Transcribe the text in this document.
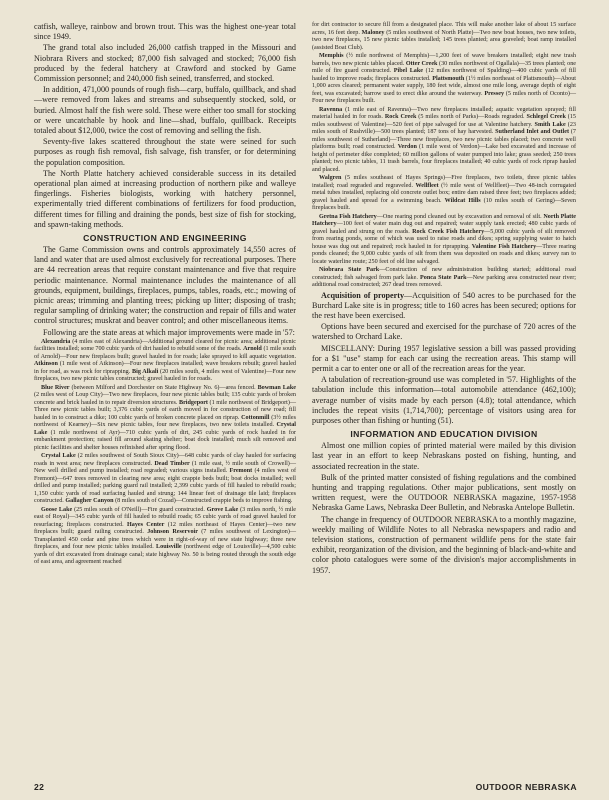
catfish, walleye, rainbow and brown trout. This was the highest one-year total since 1949.

The grand total also included 26,000 catfish trapped in the Missouri and Niobrara Rivers and stocked; 87,000 fish salvaged and stocked; 76,000 fish produced by the federal hatchery at Crawford and stocked by Game Commission personnel; and 240,000 fish seined, transferred, and stocked.

In addition, 471,000 pounds of rough fish—carp, buffalo, quillback, and shad—were removed from lakes and streams and subsequently stocked, sold, or buried. Almost half the fish were sold. These were either too small for stocking or were uncatchable by hook and line—shad, buffalo, quillback. Receipts totaled about $12,000, twice the cost of removing and selling the fish.

Seventy-five lakes scattered throughout the state were seined for such purposes as rough fish removal, fish salvage, fish transfer, or for determining the population composition.

The North Platte hatchery achieved considerable success in its detailed operational plan aimed at increasing production of northern pike and walleye fingerlings. Fisheries biologists, working with hatchery personnel, experimentally tried different combinations of fertilizers for food production, different times for filling and draining the ponds, best size of fish for stocking, and spawn-taking methods.

CONSTRUCTION AND ENGINEERING

The Game Commission owns and controls approximately 14,550 acres of land and water that are used almost exclusively for recreational purposes. There are 44 recreation areas that require constant maintenance and five that require periodic maintenance. Normal maintenance includes the maintenance of all grounds, equipment, buildings, fireplaces, pumps, tables, roads, etc.; mowing of picnic areas; trimming and planting trees; picking up litter; disposing of trash; regular sampling of drinking water; the construction and repair of fills and water control structures; muskrat and beaver control; and other miscellaneous items.

Following are the state areas at which major improvements were made in '57:

Alexandria (4 miles east of Alexandria)—Additional ground cleared for picnic area; additional picnic facilities installed; some 700 cubic yards of dirt hauled to rebuild some of the roads. Arnold (1 mile south of Arnold)—Four new fireplaces built; gravel hauled in for roads; lake sprayed to kill aquatic vegetation. Atkinson (1 mile west of Atkinson)—Four new fireplaces installed; wave breakers rebuilt; gravel hauled in for road, as was rock for riprapping. Big Alkali (20 miles south, 4 miles west of Valentine)—Four new fireplaces, two new picnic tables constructed; gravel hauled in for roads.

Blue River (between Milford and Dorchester on State Highway No. 6)—area fenced. Bowman Lake (2 miles west of Loup City)—Two new fireplaces, four new picnic tables built; 135 cubic yards of broken concrete and brick hauled in to repair diversion structures. Bridgeport (1 mile northwest of Bridgeport)—Three new picnic tables built; 3,376 cubic yards of earth moved in for construction of new road; fill hauled in to construct a dike; 100 cubic yards of broken concrete placed on riprap. Cottonmill (3½ miles northwest of Kearney)—Six new picnic tables, four new fireplaces, two new toilets installed. Crystal Lake (1 mile northwest of Ayr)—710 cubic yards of dirt, 245 cubic yards of rock hauled in for embankment protection; raised fill around skating shelter; boat dock installed; much silt removed and picnic facilities and shelter houses refinished after spring flood.

Crystal Lake (2 miles southwest of South Sioux City)—648 cubic yards of clay hauled for surfacing roads in west area; new fireplaces constructed. Dead Timber (1 mile east, ½ mile south of Crowell)—New well drilled and pump installed; road regraded; various signs installed. Fremont (4 miles west of Fremont)—647 trees removed in clearing new area; eight crappie beds built; boat docks installed; well drilled and pump installed; parking guard rail installed; 2,399 cubic yards of fill hauled to rebuild roads; 1,150 cubic yards of road surfacing hauled and strung; 144 linear feet of drainage tile laid; fireplaces constructed. Gallagher Canyon (8 miles south of Cozad)—Constructed crappie beds to improve fishing.

Goose Lake (25 miles south of O'Neill)—Fire guard constructed. Grove Lake (3 miles north, ½ mile east of Royal)—345 cubic yards of fill hauled to rebuild roads; 65 cubic yards of road gravel hauled for resurfacing; fireplaces constructed. Hayes Center (12 miles northeast of Hayes Center)—two new fireplaces built; guard railing constructed. Johnson Reservoir (7 miles southwest of Lexington)—Transplanted 450 cedar and pine trees which were in right-of-way of new state highway; three new fireplaces, and four new picnic tables installed. Louisville (northwest edge of Louisville)—4,500 cubic yards of dirt excavated from drainage canal; state highway No. 50 is being routed through the south edge of east area, and agreement reached

for dirt contractor to secure fill from a designated place. This will make another lake of about 15 surface acres, 16 feet deep. Maloney (5 miles southwest of North Platte)—Two new boat houses, two new toilets, two new fireplaces, 15 new picnic tables installed; 145 trees planted; area graveled; boat ramp installed (assisted Boat Club).

Memphis (½ mile northwest of Memphis)—1,200 feet of wave breakers installed; eight new trash barrels, two new picnic tables placed. Otter Creek (30 miles northwest of Ogallala)—35 trees planted; one mile of fire guard constructed. Pibel Lake (12 miles northwest of Spalding)—400 cubic yards of fill hauled to improve roads; fireplaces constructed. Plattsmouth (1½ miles northeast of Plattsmouth)—About 1,000 acres cleared; permanent water supply, 180 feet wide, almost one mile long, average depth of eight feet, was excavated; barrow used to erect dike around the waterway. Pressey (5 miles north of Oconto)—Four new fireplaces built.

Ravenna (1 mile east of Ravenna)—Two new fireplaces installed; aquatic vegetation sprayed; fill material hauled in for roads. Rock Creek (5 miles north of Parks)—Roads regraded. Schlegel Creek (15 miles southwest of Valentine)—520 feet of pipe salvaged for use at Valentine hatchery. Smith Lake (23 miles south of Rushville)—500 trees planted; 187 tons of hay harvested. Sutherland Inlet and Outlet (7 miles southwest of Sutherland)—Three new fireplaces, two new picnic tables placed; two concrete well platforms built; road constructed. Verdon (1 mile west of Verdon)—Lake bed excavated and increase of height of perimeter dike completed; 60 million gallons of water pumped into lake; grass seeded; 250 trees planted; two picnic tables, 11 trash barrels, four fireplaces installed; 40 cubic yards of rock riprap hauled and placed.

Walgren (5 miles southeast of Hayes Springs)—Five fireplaces, two toilets, three picnic tables installed; road regraded and regraveled. Wellfleet (½ mile west of Wellfleet)—Two 48-inch corrugated metal tubes installed, replacing old concrete outlet box; entire dam raised three feet; two fireplaces added; gravel hauled and spread for a swimming beach. Wildcat Hills (10 miles south of Gering)—Seven fireplaces built.

Gretna Fish Hatchery—One rearing pond cleaned out by excavation and removal of silt. North Platte Hatchery—100 feet of water main dug out and repaired; water supply tank erected; 480 cubic yards of gravel hauled and strung on the roads. Rock Creek Fish Hatchery—5,000 cubic yards of silt removed from rearing ponds, some of which was used to raise roads and dikes; spring supplying water to hatch house was dug out and repaired; rock hauled in for riprapping. Valentine Fish Hatchery—Three rearing ponds cleaned; the 9,000 cubic yards of silt from them was deposited on roads and dikes; survey ran to locate waterline route; 250 feet of old line salvaged.

Niobrara State Park—Construction of new administration building started; additional road constructed; fish salvaged from park lake. Ponca State Park—New parking area constructed near river; additional road constructed; 267 dead trees removed.

Acquisition of property—Acquisition of 540 acres to be purchased for the Burchard Lake site is in progress; title to 160 acres has been secured; options for the rest have been exercised.

Options have been secured and exercised for the purchase of 720 acres of the watershed to Orchard Lake.

MISCELLANY: During 1957 legislative session a bill was passed providing for a $1 "use" stamp for each car using the recreation areas. This stamp will permit a car to enter one or all of the recreation areas for the year.

A tabulation of recreation-ground use was completed in '57. Highlights of the tabulation include this information—total automobile attendance (462,100); average number of visits made by each person (4.8); total attendance, which includes the repeat visits (1,714,700); percentage of visitors using area for purposes other than fishing or hunting (51).

INFORMATION AND EDUCATION DIVISION

Almost one million copies of printed material were mailed by this division last year in an effort to keep Nebraskans posted on fishing, hunting, and associated recreation in the state.

Bulk of the printed matter consisted of fishing regulations and the combined hunting and trapping regulations. Other major publications, sent mostly on written request, were the OUTDOOR NEBRASKA magazine, 1957-1958 Nebraska Game Laws, Nebraska Deer Bulletin, and Nebraska Antelope Bulletin.

The change in frequency of OUTDOOR NEBRASKA to a monthly magazine, weekly mailing of Wildlife Notes to all Nebraska newspapers and radio and television stations, construction of permanent wildlife pens for the state fair exhibit, reorganization of the division, and the beginning of black-and-white and color photo catalogues were some of the division's major accomplishments in 1957.

22	OUTDOOR NEBRASKA
